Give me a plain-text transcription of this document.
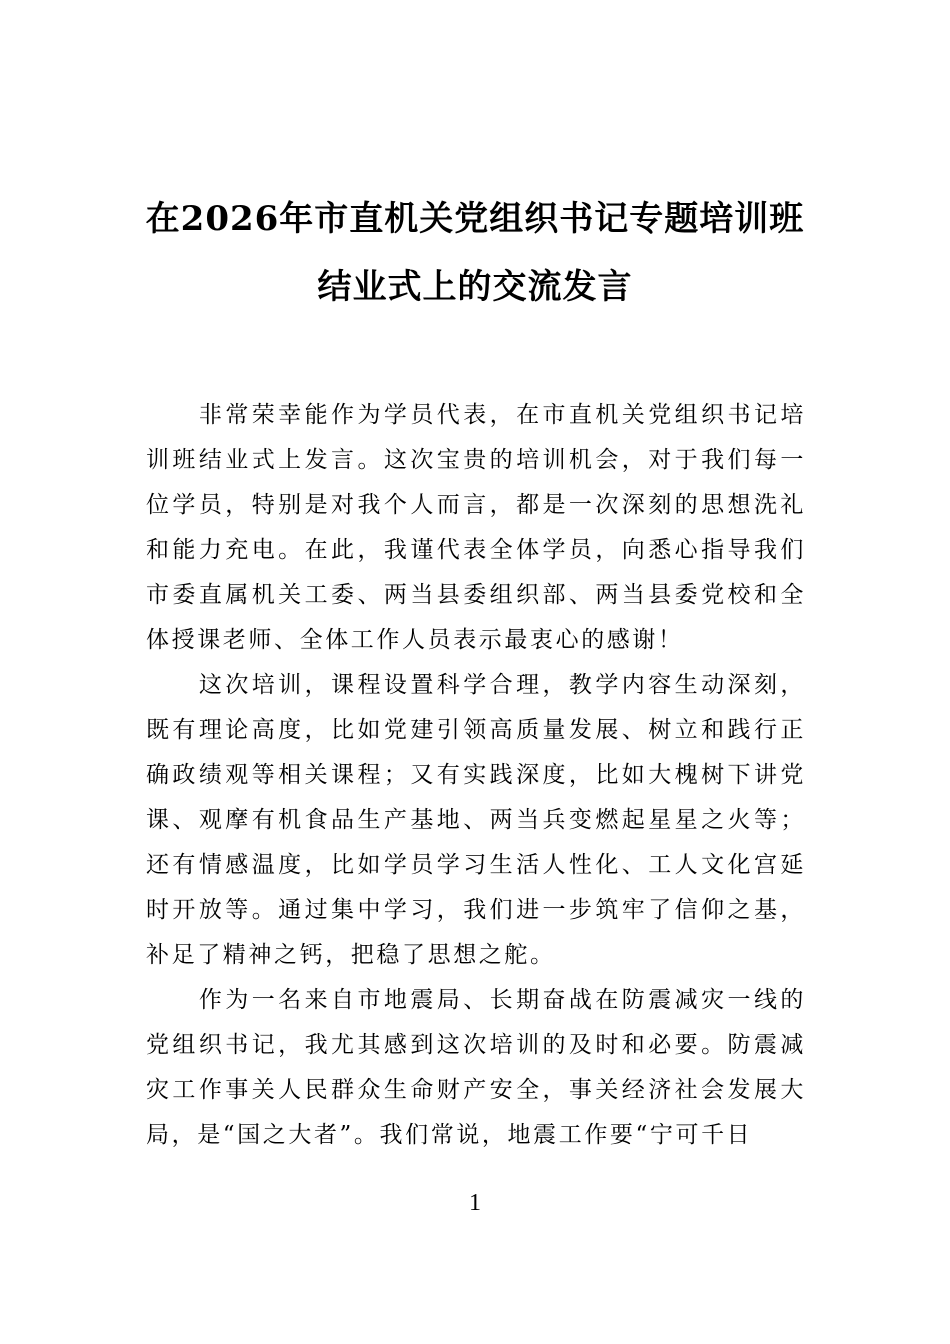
在2026年市直机关党组织书记专题培训班
结业式上的交流发言

非常荣幸能作为学员代表，在市直机关党组织书记培训班结业式上发言。这次宝贵的培训机会，对于我们每一位学员，特别是对我个人而言，都是一次深刻的思想洗礼和能力充电。在此，我谨代表全体学员，向悉心指导我们市委直属机关工委、两当县委组织部、两当县委党校和全体授课老师、全体工作人员表示最衷心的感谢！

这次培训，课程设置科学合理，教学内容生动深刻，既有理论高度，比如党建引领高质量发展、树立和践行正确政绩观等相关课程；又有实践深度，比如大槐树下讲党课、观摩有机食品生产基地、两当兵变燃起星星之火等；还有情感温度，比如学员学习生活人性化、工人文化宫延时开放等。通过集中学习，我们进一步筑牢了信仰之基，补足了精神之钙，把稳了思想之舵。

作为一名来自市地震局、长期奋战在防震减灾一线的党组织书记，我尤其感到这次培训的及时和必要。防震减灾工作事关人民群众生命财产安全，事关经济社会发展大局，是“国之大者”。我们常说，地震工作要“宁可千日

1
